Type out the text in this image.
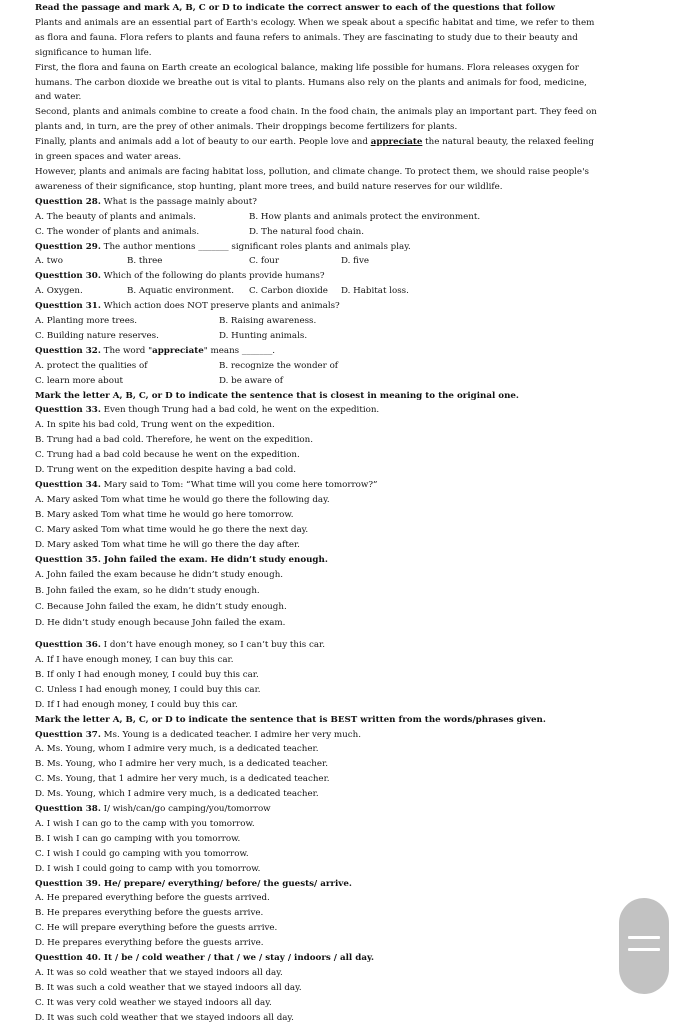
Read the passage and mark A, B, C or D to indicate the correct answer to each of the questions that follow
Plants and animals are an essential part of Earth's ecology. When we speak about a specific habitat and time, we refer to them as flora and fauna. Flora refers to plants and fauna refers to animals. They are fascinating to study due to their beauty and significance to human life.
First, the flora and fauna on Earth create an ecological balance, making life possible for humans. Flora releases oxygen for humans. The carbon dioxide we breathe out is vital to plants. Humans also rely on the plants and animals for food, medicine, and water.
Second, plants and animals combine to create a food chain. In the food chain, the animals play an important part. They feed on plants and, in turn, are the prey of other animals. Their droppings become fertilizers for plants.
Finally, plants and animals add a lot of beauty to our earth. People love and appreciate the natural beauty, the relaxed feeling in green spaces and water areas.
However, plants and animals are facing habitat loss, pollution, and climate change. To protect them, we should raise people's awareness of their significance, stop hunting, plant more trees, and build nature reserves for our wildlife.
Questtion 28. What is the passage mainly about?
A. The beauty of plants and animals.	B. How plants and animals protect the environment.
C. The wonder of plants and animals.	D. The natural food chain.
Questtion 29. The author mentions _______ significant roles plants and animals play.
A. two	B. three	C. four	D. five
Questtion 30. Which of the following do plants provide humans?
A. Oxygen.	B. Aquatic environment.	C. Carbon dioxide	D. Habitat loss.
Questtion 31. Which action does NOT preserve plants and animals?
A. Planting more trees.	B. Raising awareness.
C. Building nature reserves.	D. Hunting animals.
Questtion 32. The word "appreciate" means _______.
A. protect the qualities of	B. recognize the wonder of
C. learn more about	D. be aware of
Mark the letter A, B, C, or D to indicate the sentence that is closest in meaning to the original one.
Questtion 33. Even though Trung had a bad cold, he went on the expedition.
A. In spite his bad cold, Trung went on the expedition.
B. Trung had a bad cold. Therefore, he went on the expedition.
C. Trung had a bad cold because he went on the expedition.
D. Trung went on the expedition despite having a bad cold.
Questtion 34. Mary said to Tom: “What time will you come here tomorrow?”
A. Mary asked Tom what time he would go there the following day.
B. Mary asked Tom what time he would go here tomorrow.
C. Mary asked Tom what time would he go there the next day.
D. Mary asked Tom what time he will go there the day after.
Questtion 35. John failed the exam. He didn’t study enough.
A. John failed the exam because he didn’t study enough.
B. John failed the exam, so he didn’t study enough.
C. Because John failed the exam, he didn’t study enough.
D. He didn’t study enough because John failed the exam.
Questtion 36. I don’t have enough money, so I can’t buy this car.
A. If I have enough money, I can buy this car.
B. If only I had enough money, I could buy this car.
C. Unless I had enough money, I could buy this car.
D. If I had enough money, I could buy this car.
Mark the letter A, B, C, or D to indicate the sentence that is BEST written from the words/phrases given.
Questtion 37. Ms. Young is a dedicated teacher. I admire her very much.
A. Ms. Young, whom I admire very much, is a dedicated teacher.
B. Ms. Young, who I admire her very much, is a dedicated teacher.
C. Ms. Young, that 1 admire her very much, is a dedicated teacher.
D. Ms. Young, which I admire very much, is a dedicated teacher.
Questtion 38. I/ wish/can/go camping/you/tomorrow
A. I wish I can go to the camp with you tomorrow.
B. I wish I can go camping with you tomorrow.
C. I wish I could go camping with you tomorrow.
D. I wish I could going to camp with you tomorrow.
Questtion 39. He/ prepare/ everything/ before/ the guests/ arrive.
A. He prepared everything before the guests arrived.
B. He prepares everything before the guests arrive.
C. He will prepare everything before the guests arrive.
D. He prepares everything before the guests arrive.
Questtion 40. It / be / cold weather / that / we / stay / indoors / all day.
A. It was so cold weather that we stayed indoors all day.
B. It was such a cold weather that we stayed indoors all day.
C. It was very cold weather we stayed indoors all day.
D. It was such cold weather that we stayed indoors all day.
